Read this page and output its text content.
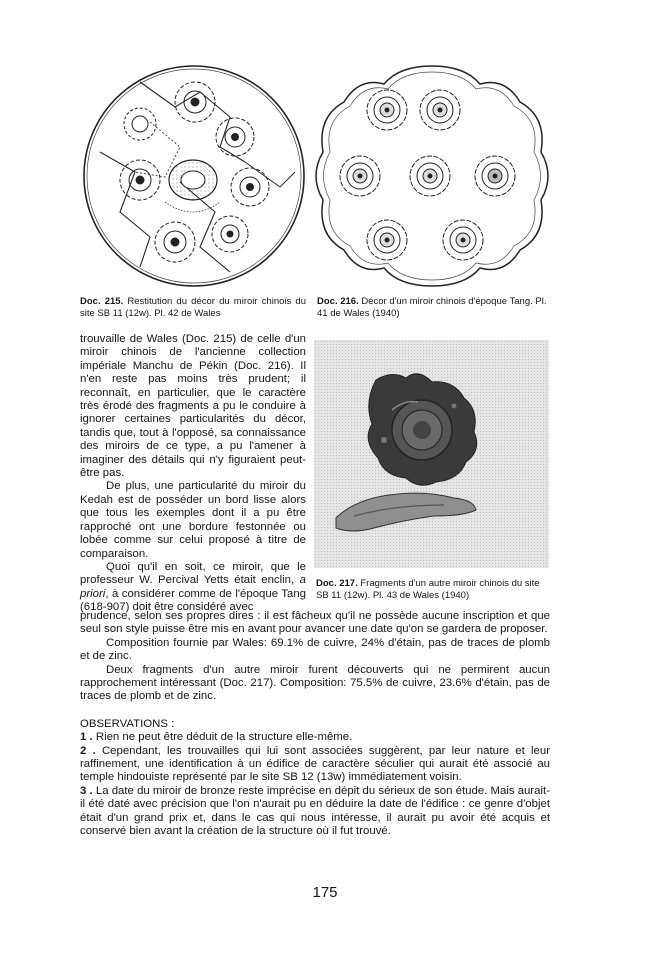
Doc. 215. Restitution du décor du miroir chinois du site SB 11 (12w). Pl. 42 de Wales
Doc. 216. Décor d'un miroir chinois d'époque Tang. Pl. 41 de Wales (1940)

trouvaille de Wales (Doc. 215) de celle d'un miroir chinois de l'ancienne collection impériale Manchu de Pékin (Doc. 216). Il n'en reste pas moins très prudent; il reconnaît, en particulier, que le caractère très érodé des fragments a pu le conduire à ignorer certaines particularités du décor, tandis que, tout à l'opposé, sa connaissance des miroirs de ce type, a pu l'amener à imaginer des détails qui n'y figuraient peut-être pas.

De plus, une particularité du miroir du Kedah est de posséder un bord lisse alors que tous les exemples dont il a pu être rapproché ont une bordure festonnée ou lobée comme sur celui proposé à titre de comparaison.

Quoi qu'il en soit, ce miroir, que le professeur W. Percival Yetts était enclin, a priori, à considérer comme de l'époque Tang (618-907) doit être considéré avec

Doc. 217. Fragments d'un autre miroir chinois du site SB 11 (12w). Pl. 43 de Wales (1940)

prudence, selon ses propres dires : il est fâcheux qu'il ne possède aucune inscription et que seul son style puisse être mis en avant pour avancer une date qu'on se gardera de proposer.

Composition fournie par Wales: 69.1% de cuivre, 24% d'étain, pas de traces de plomb et de zinc.

Deux fragments d'un autre miroir furent découverts qui ne permirent aucun rapprochement intéressant (Doc. 217). Composition: 75.5% de cuivre, 23.6% d'étain, pas de traces de plomb et de zinc.

OBSERVATIONS :

1 . Rien ne peut être déduit de la structure elle-même.

2 . Cependant, les trouvailles qui lui sont associées suggèrent, par leur nature et leur raffinement, une identification à un édifice de caractère séculier qui aurait été associé au temple hindouiste représenté par le site SB 12 (13w) immédiatement voisin.

3 . La date du miroir de bronze reste imprécise en dépit du sérieux de son étude. Mais aurait-il été daté avec précision que l'on n'aurait pu en déduire la date de l'édifice : ce genre d'objet était d'un grand prix et, dans le cas qui nous intéresse, il aurait pu avoir été acquis et conservé bien avant la création de la structure où il fut trouvé.

175
